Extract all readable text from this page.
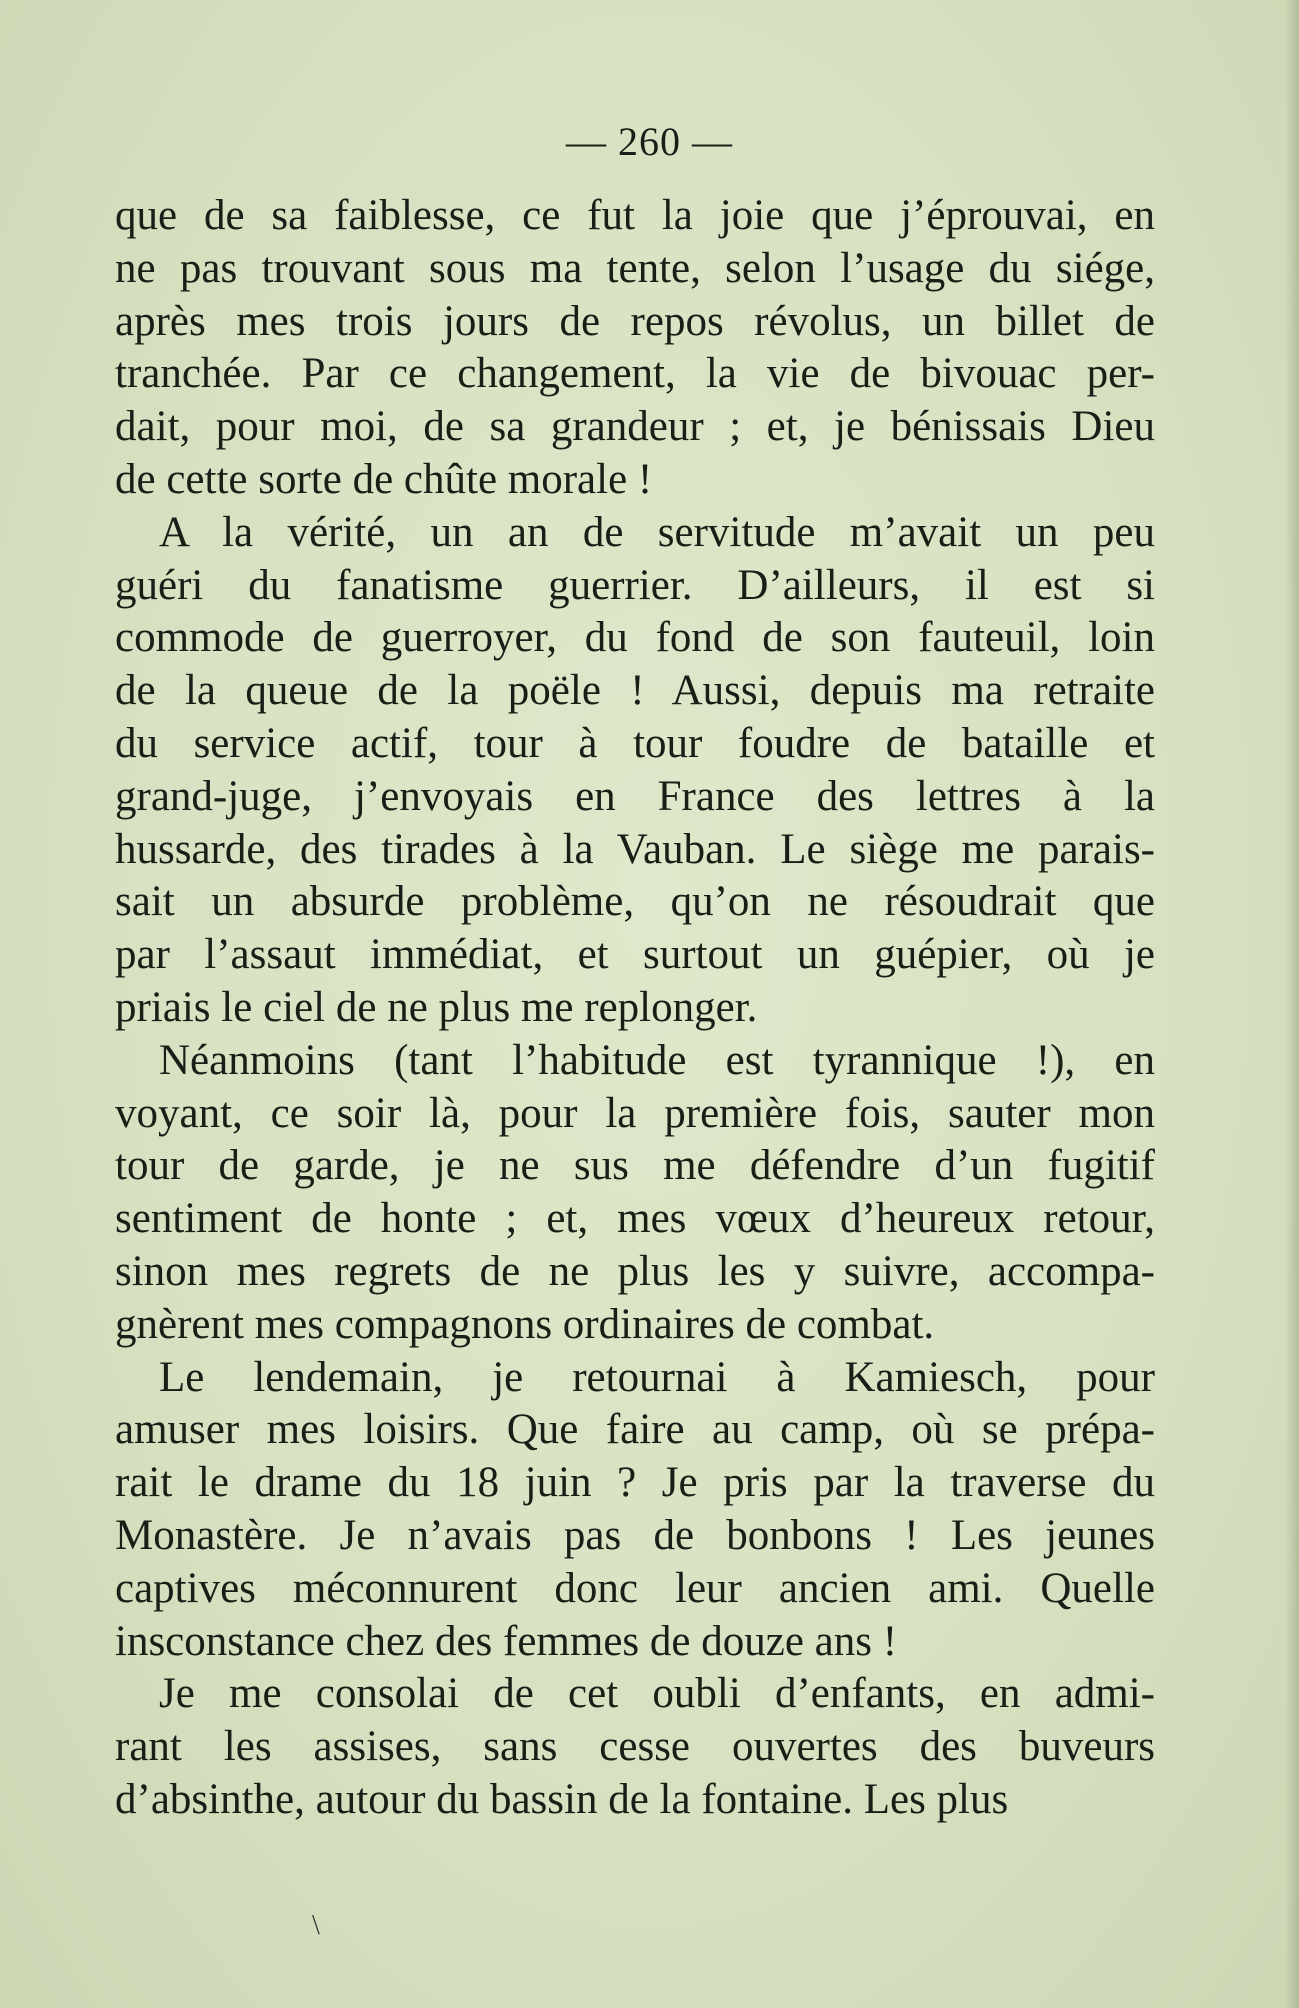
— 260 —
que de sa faiblesse, ce fut la joie que j’éprouvai, en
ne pas trouvant sous ma tente, selon l’usage du siége,
après mes trois jours de repos révolus, un billet de
tranchée. Par ce changement, la vie de bivouac per-
dait, pour moi, de sa grandeur ; et, je bénissais Dieu
de cette sorte de chûte morale !
A la vérité, un an de servitude m’avait un peu
guéri du fanatisme guerrier. D’ailleurs, il est si
commode de guerroyer, du fond de son fauteuil, loin
de la queue de la poële ! Aussi, depuis ma retraite
du service actif, tour à tour foudre de bataille et
grand-juge, j’envoyais en France des lettres à la
hussarde, des tirades à la Vauban. Le siège me parais-
sait un absurde problème, qu’on ne résoudrait que
par l’assaut immédiat, et surtout un guépier, où je
priais le ciel de ne plus me replonger.
Néanmoins (tant l’habitude est tyrannique !), en
voyant, ce soir là, pour la première fois, sauter mon
tour de garde, je ne sus me défendre d’un fugitif
sentiment de honte ; et, mes vœux d’heureux retour,
sinon mes regrets de ne plus les y suivre, accompa-
gnèrent mes compagnons ordinaires de combat.
Le lendemain, je retournai à Kamiesch, pour
amuser mes loisirs. Que faire au camp, où se prépa-
rait le drame du 18 juin ? Je pris par la traverse du
Monastère. Je n’avais pas de bonbons ! Les jeunes
captives méconnurent donc leur ancien ami. Quelle
insconstance chez des femmes de douze ans !
Je me consolai de cet oubli d’enfants, en admi-
rant les assises, sans cesse ouvertes des buveurs
d’absinthe, autour du bassin de la fontaine. Les plus
\
